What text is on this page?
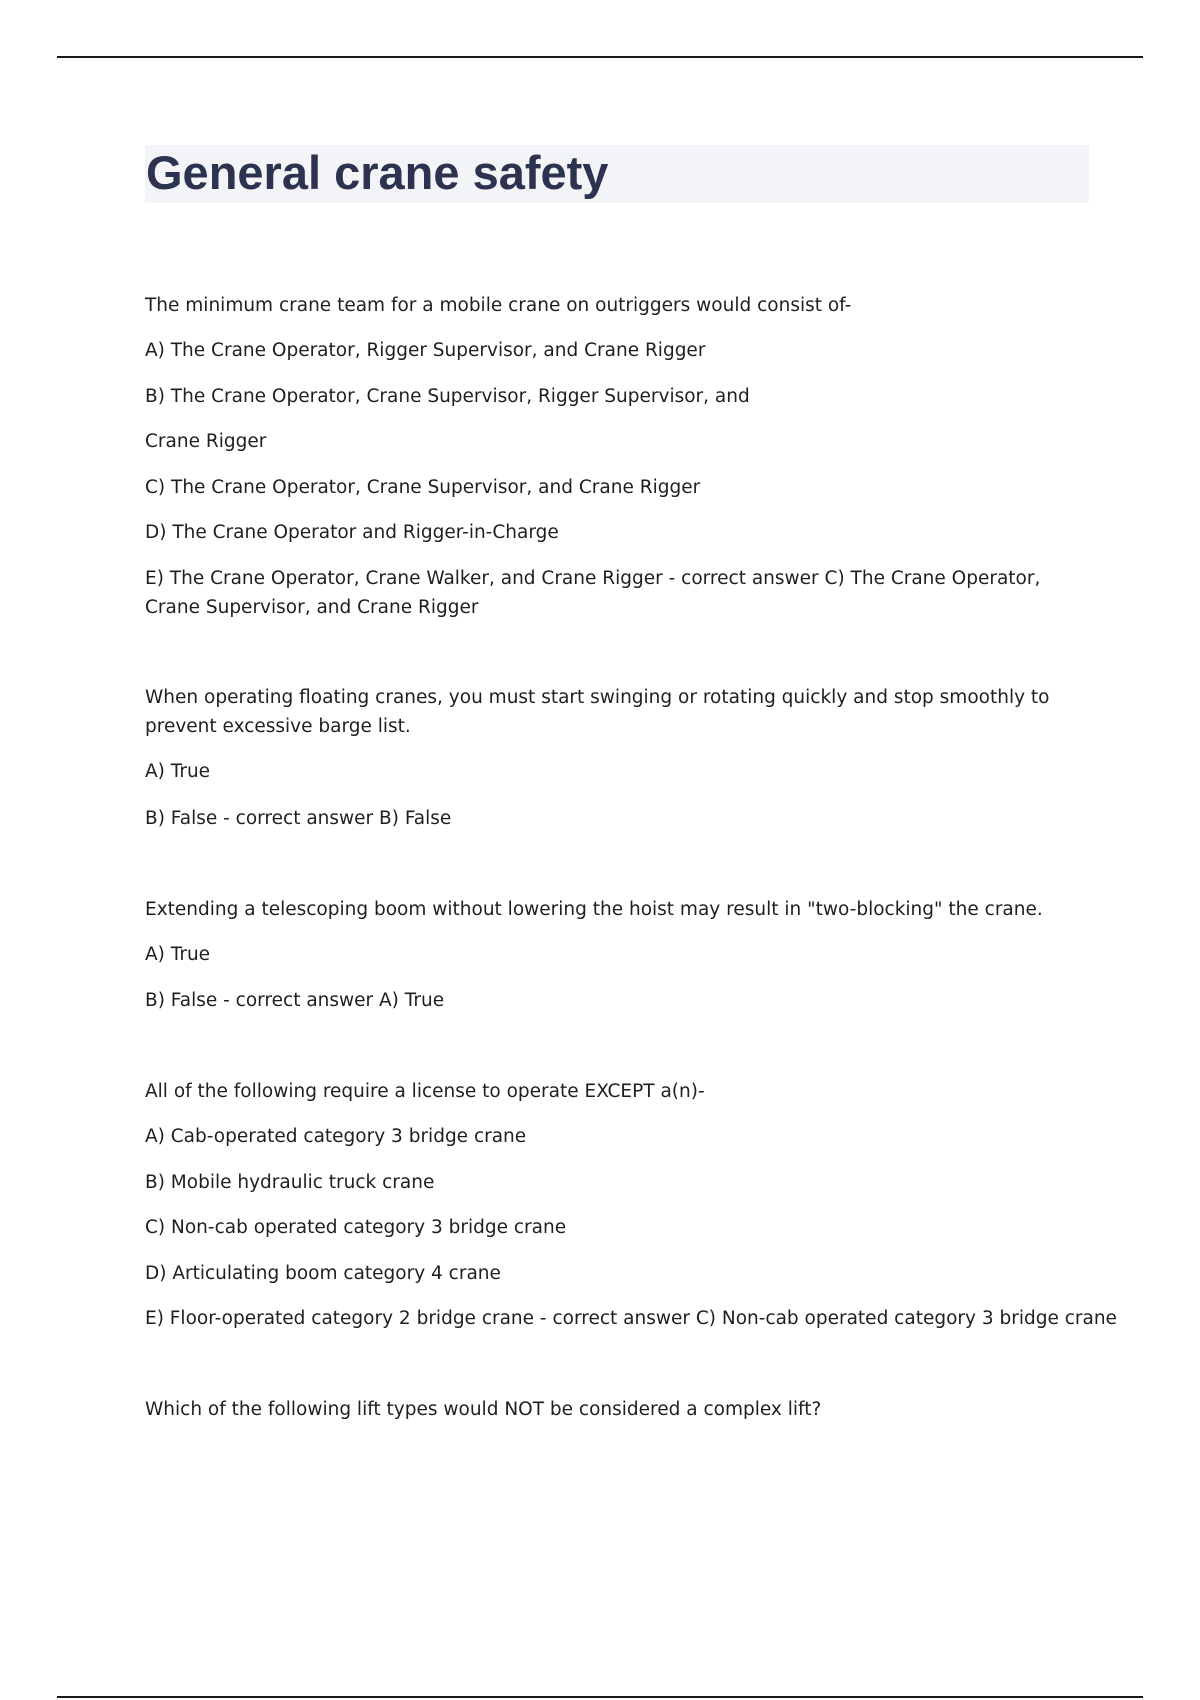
General crane safety

The minimum crane team for a mobile crane on outriggers would consist of-

A) The Crane Operator, Rigger Supervisor, and Crane Rigger

B) The Crane Operator, Crane Supervisor, Rigger Supervisor, and

Crane Rigger

C) The Crane Operator, Crane Supervisor, and Crane Rigger

D) The Crane Operator and Rigger-in-Charge

E) The Crane Operator, Crane Walker, and Crane Rigger - correct answer C) The Crane Operator, Crane Supervisor, and Crane Rigger

When operating floating cranes, you must start swinging or rotating quickly and stop smoothly to prevent excessive barge list.

A) True

B) False - correct answer B) False

Extending a telescoping boom without lowering the hoist may result in "two-blocking" the crane.

A) True

B) False - correct answer A) True

All of the following require a license to operate EXCEPT a(n)-

A) Cab-operated category 3 bridge crane

B) Mobile hydraulic truck crane

C) Non-cab operated category 3 bridge crane

D) Articulating boom category 4 crane

E) Floor-operated category 2 bridge crane - correct answer C) Non-cab operated category 3 bridge crane

Which of the following lift types would NOT be considered a complex lift?
